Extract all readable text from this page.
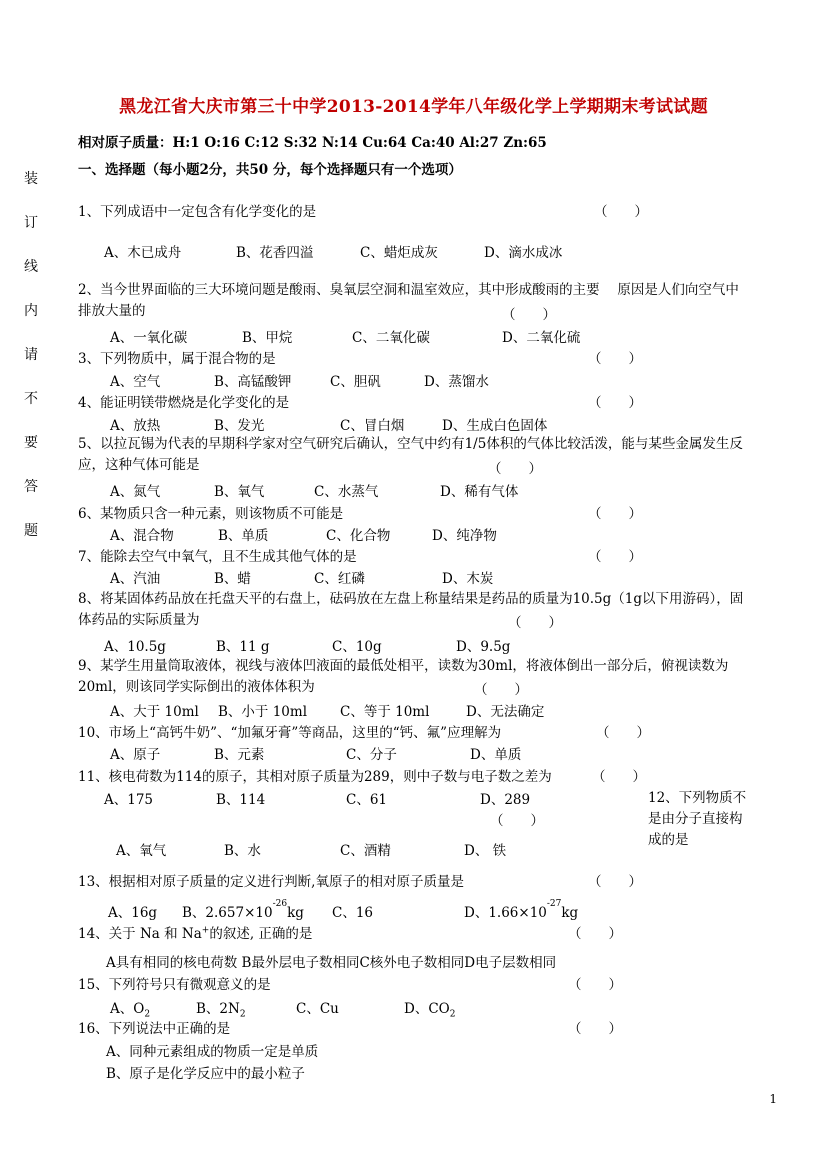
黑龙江省大庆市第三十中学2013-2014学年八年级化学上学期期末考试试题
相对原子质量：H:1 O:16 C:12 S:32 N:14 Cu:64 Ca:40 Al:27 Zn:65
一、选择题（每小题2分，共50 分，每个选择题只有一个选项）
装
订
线
内
请
不
要
答
题
1、下列成语中一定包含有化学变化的是	（　　）
A、木已成舟	B、花香四溢	C、蜡炬成灰	D、滴水成冰
2、当今世界面临的三大环境问题是酸雨、臭氧层空洞和温室效应，其中形成酸雨的主要　 原因是人们向空气中排放大量的	（　　）
A、一氧化碳	B、甲烷	C、二氧化碳	D、二氧化硫
3、下列物质中，属于混合物的是	（　　）
A、空气	B、高锰酸钾	C、胆矾	D、蒸馏水
4、能证明镁带燃烧是化学变化的是	（　　）
A、放热	B、发光	C、冒白烟	D、生成白色固体
5、以拉瓦锡为代表的早期科学家对空气研究后确认，空气中约有1/5体积的气体比较活泼，能与某些金属发生反应，这种气体可能是	（　　）
A、氮气	B、氧气	C、水蒸气	D、稀有气体
6、某物质只含一种元素，则该物质不可能是	（　　）
A、混合物	B、单质	C、化合物	D、纯净物
7、能除去空气中氧气，且不生成其他气体的是	（　　）
A、汽油	B、蜡	C、红磷	D、木炭
8、将某固体药品放在托盘天平的右盘上，砝码放在左盘上称量结果是药品的质量为10.5g（1g以下用游码），固体药品的实际质量为	（　　）
A、10.5g	B、11 g	C、10g	D、9.5g
9、某学生用量筒取液体，视线与液体凹液面的最低处相平，读数为30ml，将液体倒出一部分后，俯视读数为20ml，则该同学实际倒出的液体体积为	（　　）
A、大于 10ml B、小于 10ml C、等于 10ml	D、无法确定
10、市场上“高钙牛奶”、“加氟牙膏”等商品，这里的“钙、氟”应理解为	（　　）
A、原子	B、元素	C、分子	D、单质
11、核电荷数为114的原子，其相对原子质量为289，则中子数与电子数之差为	（　　）
A、175	B、114	C、61	D、289	12、下列物质不是由分子直接构成的是
（　　）
A、氧气	B、水	C、酒精	D、 铁
13、根据相对原子质量的定义进行判断,氧原子的相对原子质量是	（　　）
A、16g B、$2.657\times 10^{-26}kg$ C、16	D、$1.66\times 10^{-27}kg$
14、关于 Na 和 Na+的叙述, 正确的是	（　　）
A具有相同的核电荷数 B最外层电子数相同C核外电子数相同D电子层数相同
15、下列符号只有微观意义的是	（　　）
A、$O_2$	B、$2N_2$	C、Cu	D、$CO_2$
16、下列说法中正确的是	（　　）
A、同种元素组成的物质一定是单质
B、原子是化学反应中的最小粒子
1
